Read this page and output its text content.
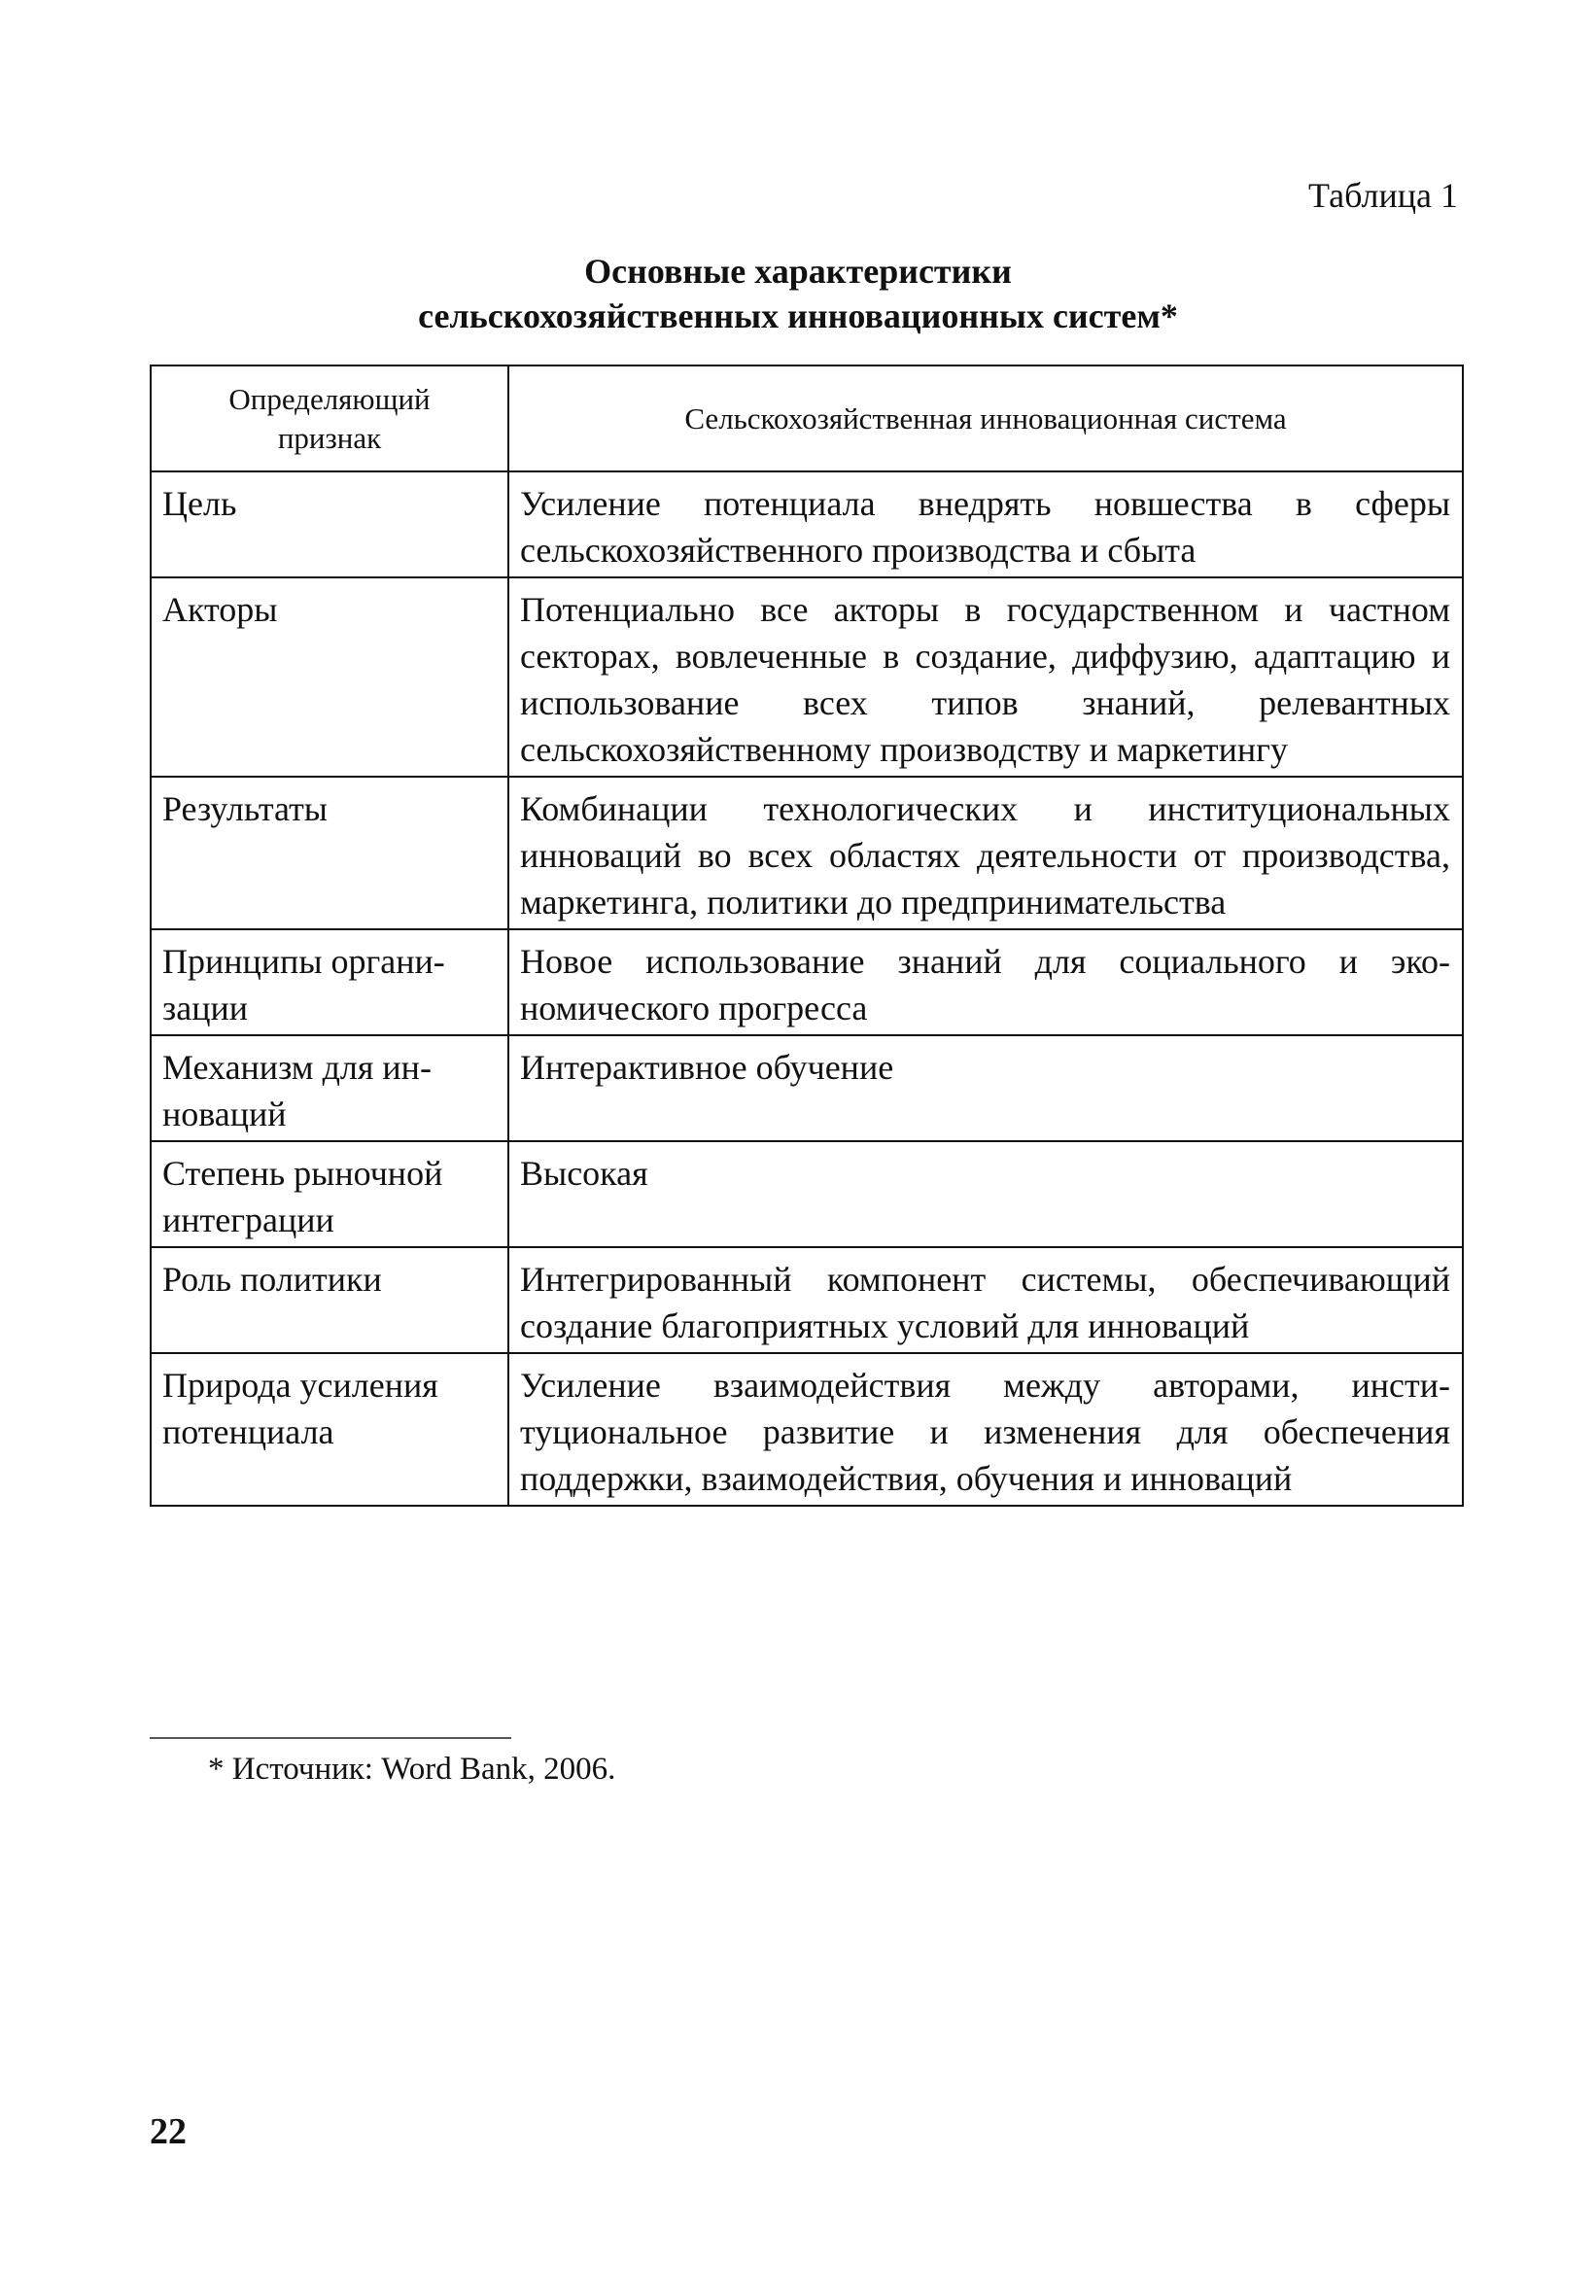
Таблица 1
Основные характеристики
сельскохозяйственных инновационных систем*
Определяющий
признак	Сельскохозяйственная инновационная система
Цель	Усиление потенциала внедрять новшества в сферы сельскохозяйственного производства и сбыта
Акторы	Потенциально все акторы в государственном и частном секторах, вовлеченные в создание, диффузию, адаптацию и использование всех типов знаний, релевантных сельскохозяйственному производству и маркетингу
Результаты	Комбинации технологических и институциональных инноваций во всех областях деятельности от производства, маркетинга, политики до предпринимательства
Принципы организации	Новое использование знаний для социального и экономического прогресса
Механизм для инноваций	Интерактивное обучение
Степень рыночной интеграции	Высокая
Роль политики	Интегрированный компонент системы, обеспечивающий создание благоприятных условий для инноваций
Природа усиления потенциала	Усиление взаимодействия между авторами, институциональное развитие и изменения для обеспечения поддержки, взаимодействия, обучения и инноваций
* Источник: Word Bank, 2006.
22
